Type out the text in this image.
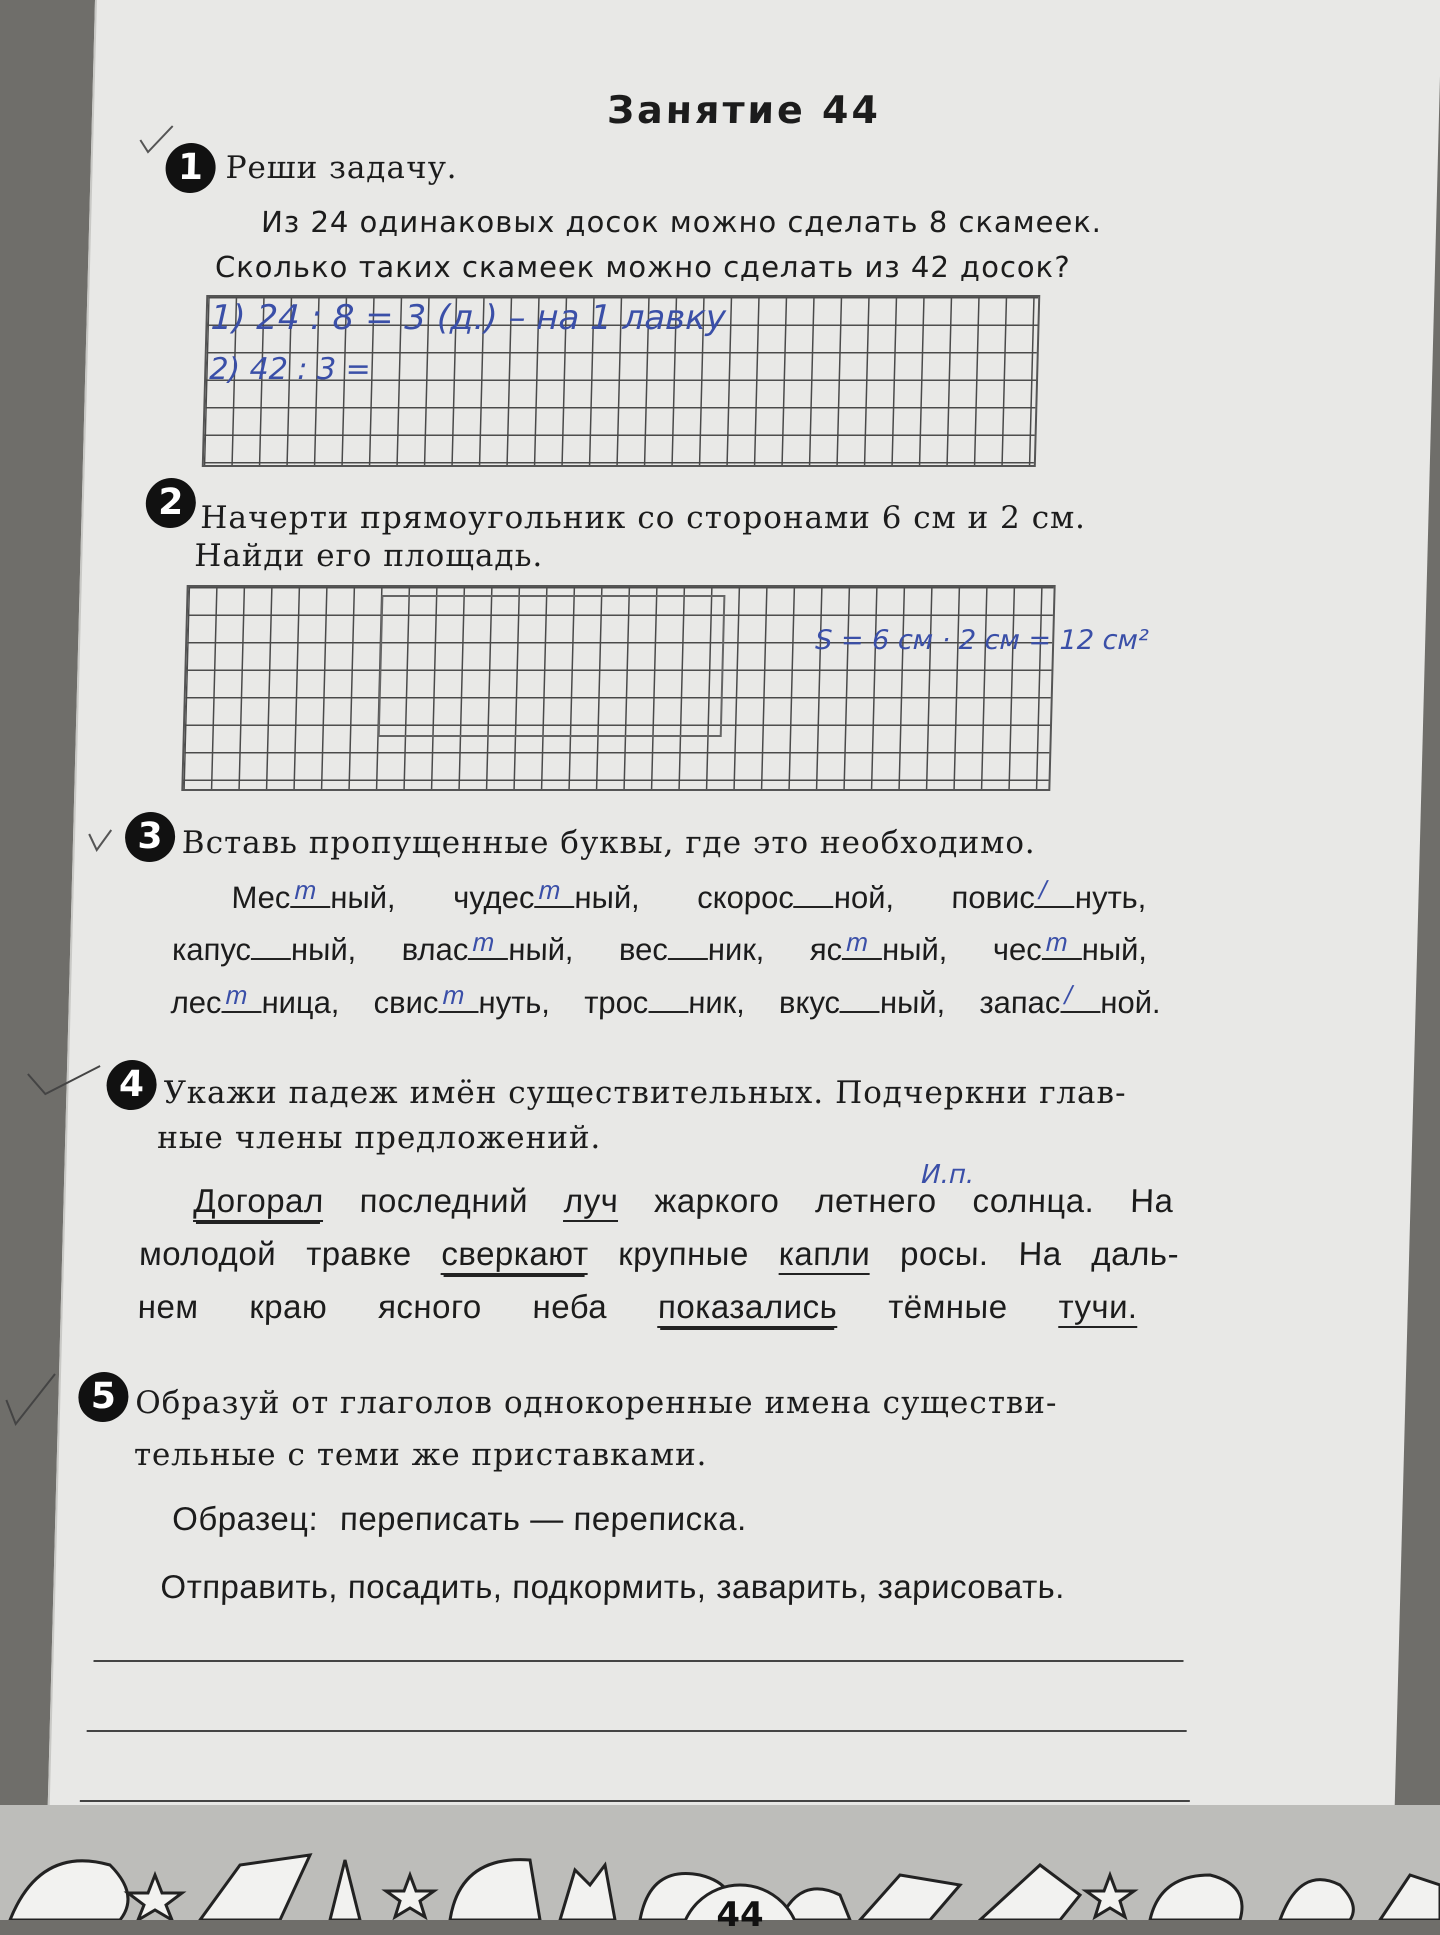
Занятие 44
1 Реши задачу.
Из 24 одинаковых досок можно сделать 8 скамеек.
Сколько таких скамеек можно сделать из 42 досок?
1) 24 : 8 = 3 (д.) – на 1 лавку
2) 42 : 3 =
2 Начерти прямоугольник со сторонами 6 см и 2 см.
Найди его площадь.
S = 6 см · 2 см = 12 см²
3 Вставь пропущенные буквы, где это необходимо.
Мес т ный, чудес т ный, скорос ной, повис / нуть,
капус ный, влас т ный, вес ник, яс т ный, чес т ный,
лес т ница, свис т нуть, трос ник, вкус ный, запас / ной.
4 Укажи падеж имён существительных. Подчеркни глав-
ные члены предложений.
И.п.
Догорал последний луч жаркого летнего солнца. На
молодой травке сверкают крупные капли росы. На даль-
нем краю ясного неба показались тёмные тучи.
5 Образуй от глаголов однокоренные имена существи-
тельные с теми же приставками.
Образец: переписать — переписка.
Отправить, посадить, подкормить, заварить, зарисовать.
44
